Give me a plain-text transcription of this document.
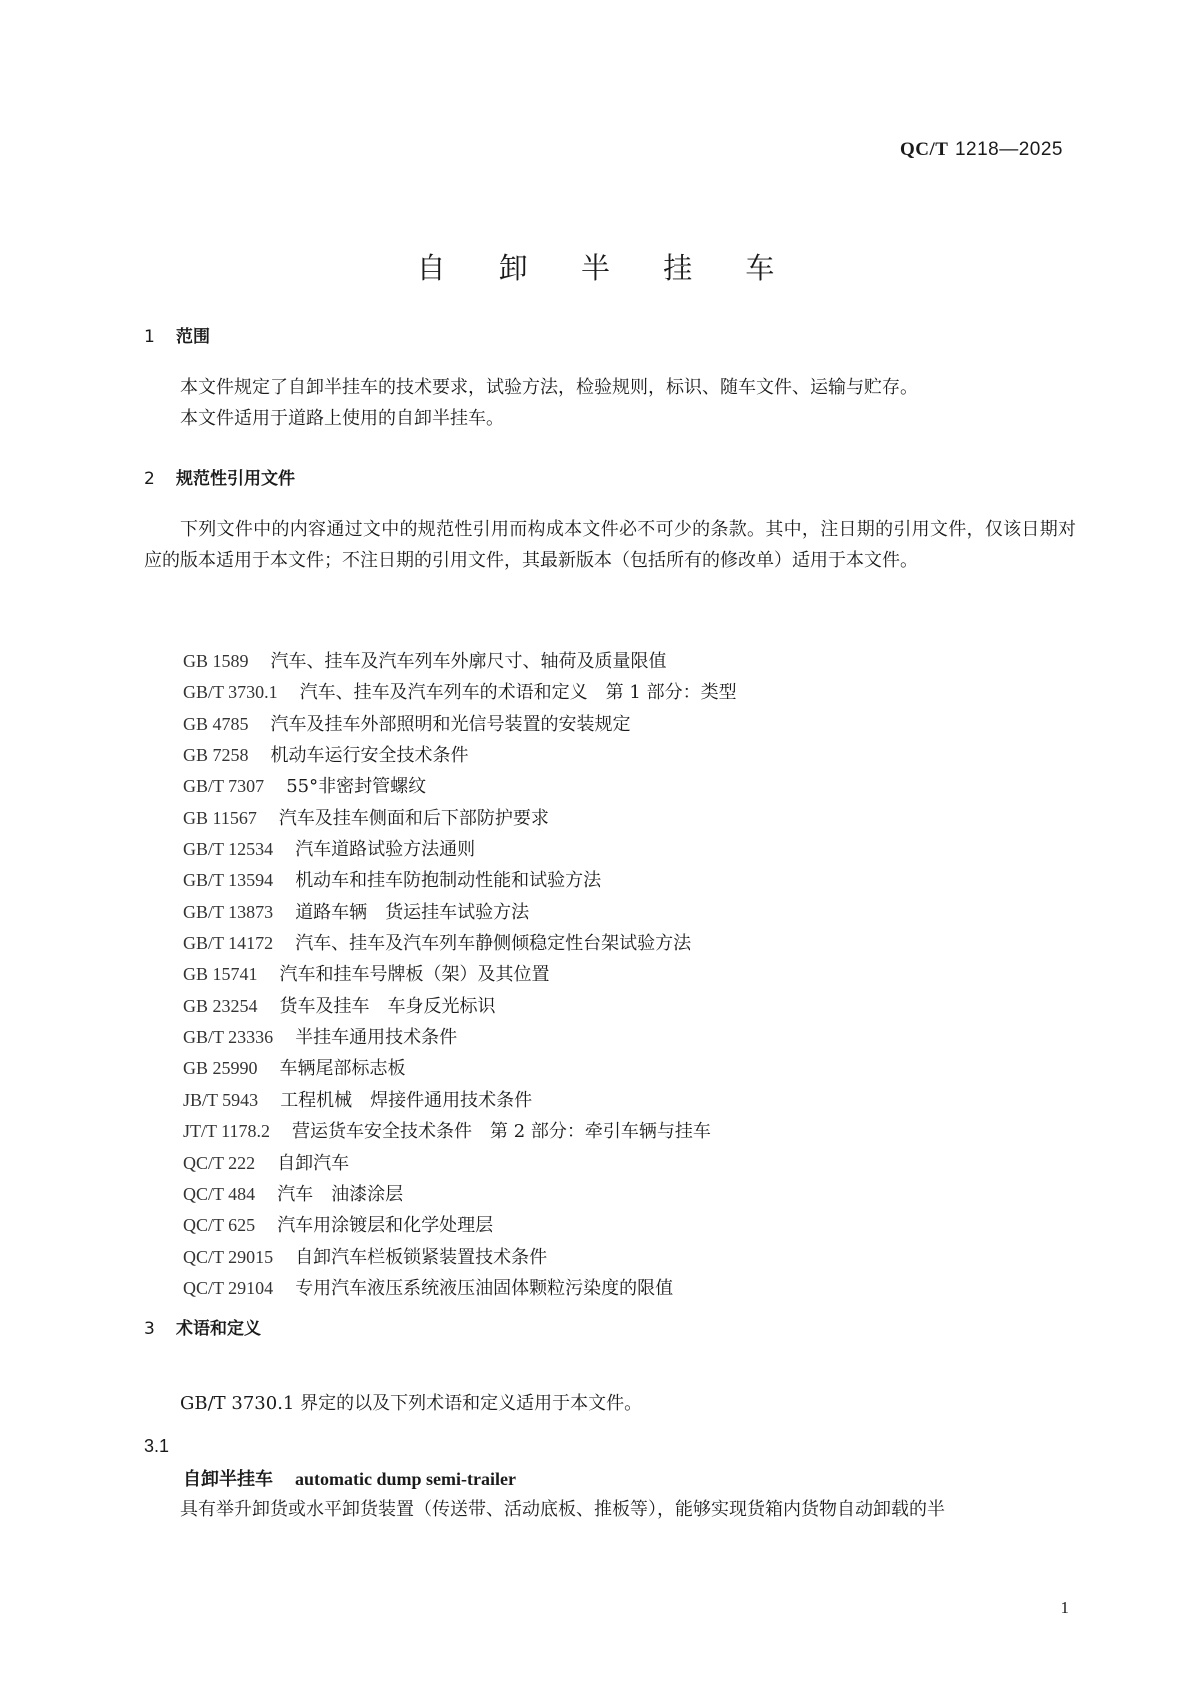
QC/T 1218—2025
自 卸 半 挂 车
1 范围
本文件规定了自卸半挂车的技术要求，试验方法，检验规则，标识、随车文件、运输与贮存。
本文件适用于道路上使用的自卸半挂车。
2 规范性引用文件
下列文件中的内容通过文中的规范性引用而构成本文件必不可少的条款。其中，注日期的引用文件，仅该日期对应的版本适用于本文件；不注日期的引用文件，其最新版本（包括所有的修改单）适用于本文件。
GB 1589 汽车、挂车及汽车列车外廓尺寸、轴荷及质量限值
GB/T 3730.1 汽车、挂车及汽车列车的术语和定义　第 1 部分：类型
GB 4785 汽车及挂车外部照明和光信号装置的安装规定
GB 7258 机动车运行安全技术条件
GB/T 7307 55°非密封管螺纹
GB 11567 汽车及挂车侧面和后下部防护要求
GB/T 12534 汽车道路试验方法通则
GB/T 13594 机动车和挂车防抱制动性能和试验方法
GB/T 13873 道路车辆　货运挂车试验方法
GB/T 14172 汽车、挂车及汽车列车静侧倾稳定性台架试验方法
GB 15741 汽车和挂车号牌板（架）及其位置
GB 23254 货车及挂车　车身反光标识
GB/T 23336 半挂车通用技术条件
GB 25990 车辆尾部标志板
JB/T 5943 工程机械　焊接件通用技术条件
JT/T 1178.2 营运货车安全技术条件　第 2 部分：牵引车辆与挂车
QC/T 222 自卸汽车
QC/T 484 汽车　油漆涂层
QC/T 625 汽车用涂镀层和化学处理层
QC/T 29015 自卸汽车栏板锁紧装置技术条件
QC/T 29104 专用汽车液压系统液压油固体颗粒污染度的限值
3 术语和定义
GB/T 3730.1 界定的以及下列术语和定义适用于本文件。
3.1
自卸半挂车 automatic dump semi-trailer
具有举升卸货或水平卸货装置（传送带、活动底板、推板等），能够实现货箱内货物自动卸载的半
1
